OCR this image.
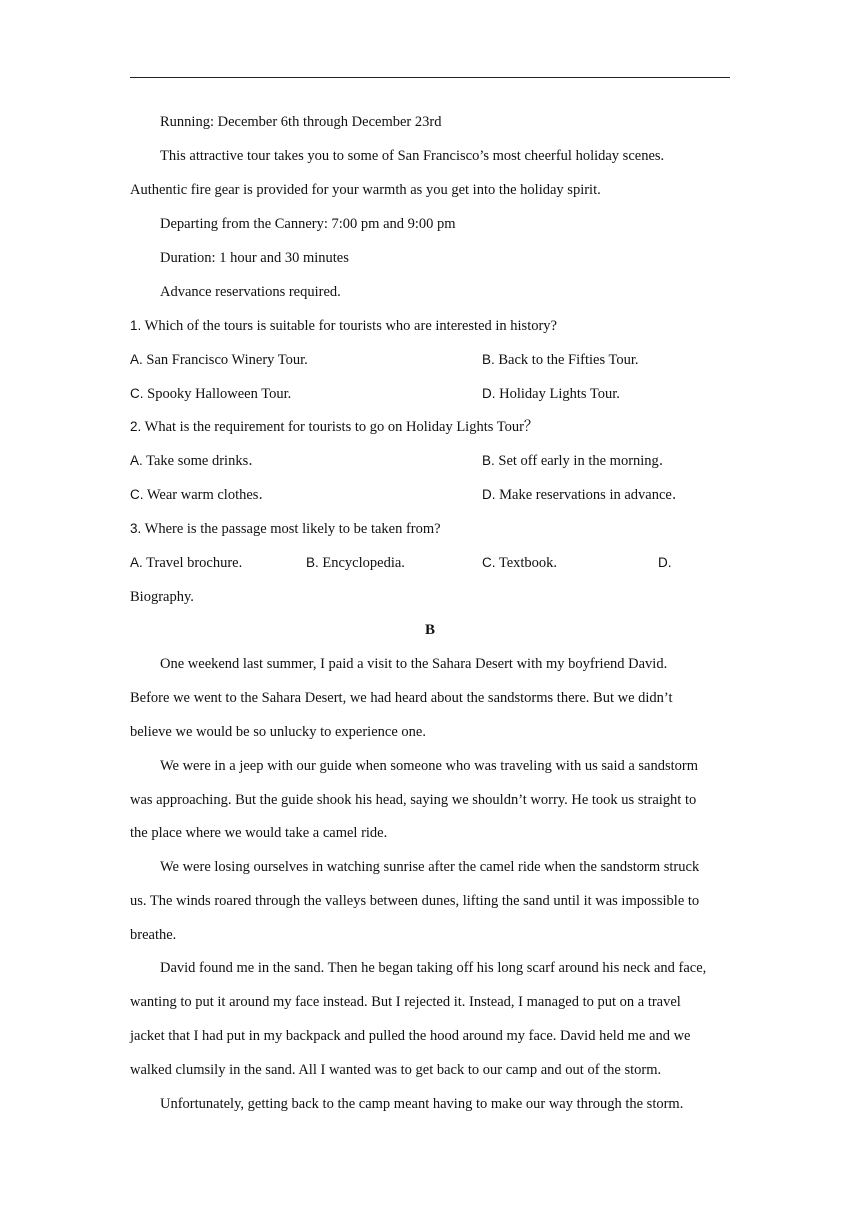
Running: December 6th through December 23rd
This attractive tour takes you to some of San Francisco’s most cheerful holiday scenes.
Authentic fire gear is provided for your warmth as you get into the holiday spirit.
Departing from the Cannery: 7:00 pm and 9:00 pm
Duration: 1 hour and 30 minutes
Advance reservations required.
1. Which of the tours is suitable for tourists who are interested in history?
A. San Francisco Winery Tour.	B. Back to the Fifties Tour.
C. Spooky Halloween Tour.	D. Holiday Lights Tour.
2. What is the requirement for tourists to go on Holiday Lights Tour？
A. Take some drinks．	B. Set off early in the morning．
C. Wear warm clothes．	D. Make reservations in advance．
3. Where is the passage most likely to be taken from?
A. Travel brochure.	B. Encyclopedia.	C. Textbook.	D.
Biography.
B
One weekend last summer, I paid a visit to the Sahara Desert with my boyfriend David.
Before we went to the Sahara Desert, we had heard about the sandstorms there. But we didn’t
believe we would be so unlucky to experience one.
We were in a jeep with our guide when someone who was traveling with us said a sandstorm
was approaching. But the guide shook his head, saying we shouldn’t worry. He took us straight to
the place where we would take a camel ride.
We were losing ourselves in watching sunrise after the camel ride when the sandstorm struck
us. The winds roared through the valleys between dunes, lifting the sand until it was impossible to
breathe.
David found me in the sand. Then he began taking off his long scarf around his neck and face,
wanting to put it around my face instead. But I rejected it. Instead, I managed to put on a travel
jacket that I had put in my backpack and pulled the hood around my face. David held me and we
walked clumsily in the sand. All I wanted was to get back to our camp and out of the storm.
Unfortunately, getting back to the camp meant having to make our way through the storm.
